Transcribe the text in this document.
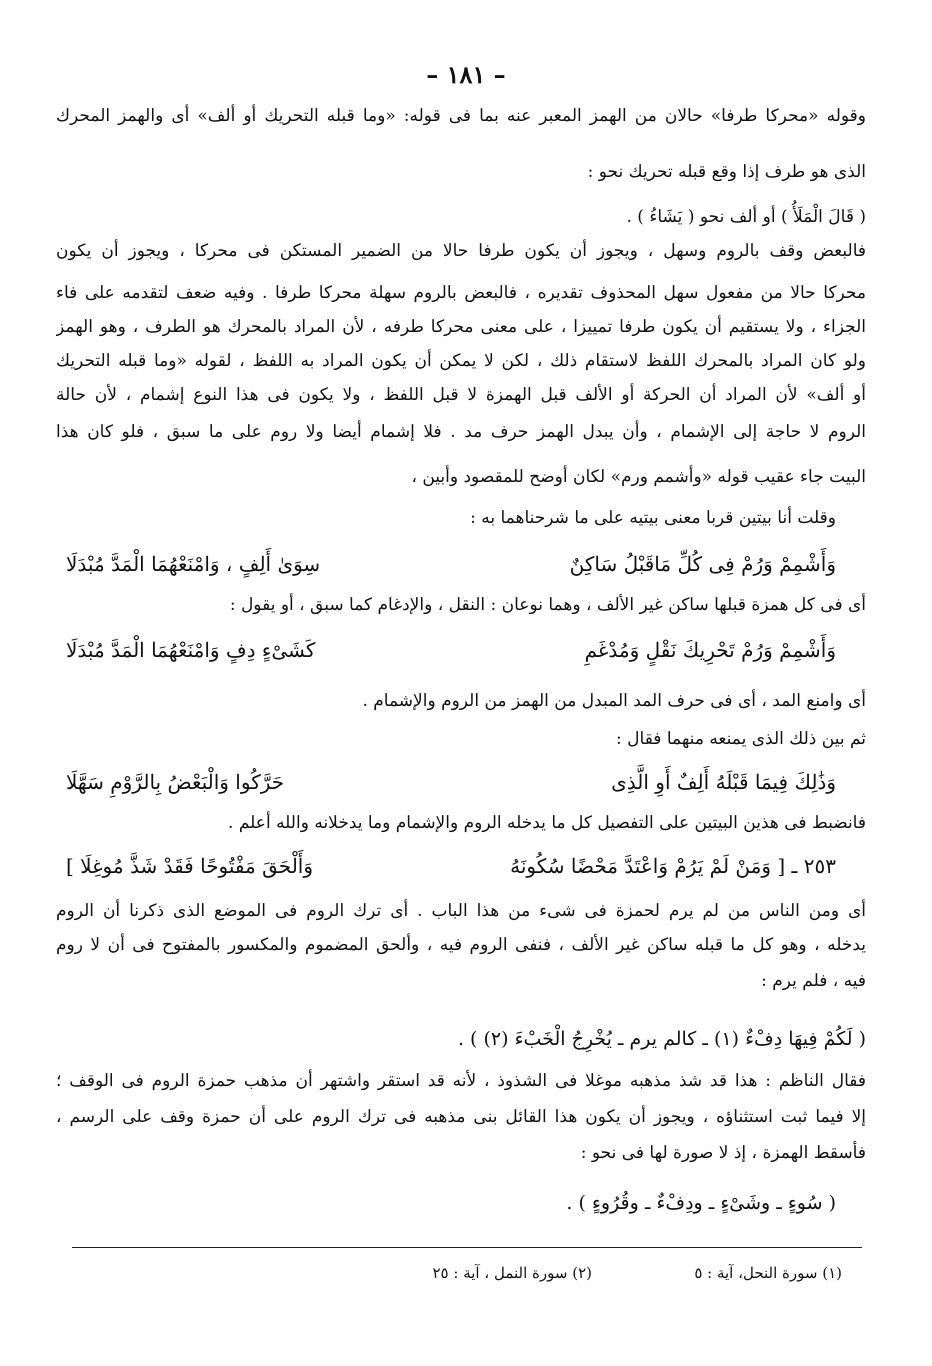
– ١٨١ –
وقوله «محركا طرفا» حالان من الهمز المعبر عنه بما فى قوله: «وما قبله التحريك أو ألف» أى والهمز المحرك
الذى هو طرف إذا وقع قبله تحريك نحو :
( قَالَ الْمَلَأُ ) أو ألف نحو ( يَشَاءُ ) .
فالبعض وقف بالروم وسهل ، ويجوز أن يكون طرفا حالا من الضمير المستكن فى محركا ، ويجوز أن يكون
محركا حالا من مفعول سهل المحذوف تقديره ، فالبعض بالروم سهلة محركا طرفا . وفيه ضعف لتقدمه على فاء
الجزاء ، ولا يستقيم أن يكون طرفا تمييزا ، على معنى محركا طرفه ، لأن المراد بالمحرك هو الطرف ، وهو الهمز
ولو كان المراد بالمحرك اللفظ لاستقام ذلك ، لكن لا يمكن أن يكون المراد به اللفظ ، لقوله «وما قبله التحريك
أو ألف» لأن المراد أن الحركة أو الألف قبل الهمزة لا قبل اللفظ ، ولا يكون فى هذا النوع إشمام ، لأن حالة
الروم لا حاجة إلى الإشمام ، وأن يبدل الهمز حرف مد . فلا إشمام أيضا ولا روم على ما سبق ، فلو كان هذا
البيت جاء عقيب قوله «وأشمم ورم» لكان أوضح للمقصود وأبين ،
وقلت أنا بيتين قربا معنى بيتيه على ما شرحناهما به :
وَأَشْمِمْ وَرُمْ فِى كُلِّ مَاقَبْلُ سَاكِنٌ
سِوَىٰ أَلِفٍ ، وَامْنَعْهُمَا الْمَدَّ مُبْدَلَا
أى فى كل همزة قبلها ساكن غير الألف ، وهما نوعان : النقل ، والإدغام كما سبق ، أو يقول :
وَأَشْمِمْ وَرُمْ تَحْرِيكَ نَقْلٍ وَمُدْغَمِ
كَشَىْءٍ دِفٍ وَامْنَعْهُمَا الْمَدَّ مُبْدَلَا
أى وامنع المد ، أى فى حرف المد المبدل من الهمز من الروم والإشمام .
ثم بين ذلك الذى يمنعه منهما فقال :
وَذَٰلِكَ فِيمَا قَبْلَهُ أَلِفٌ أَوِ الَّذِى
حَرَّكُوا وَالْبَعْضُ بِالرَّوْمِ سَهَّلَا
فانضبط فى هذين البيتين على التفصيل كل ما يدخله الروم والإشمام وما يدخلانه والله أعلم .
٢٥٣ ـ [ وَمَنْ لَمْ يَرُمْ وَاعْتَدَّ مَحْضًا سُكُونَهُ
وَأَلْحَقَ مَفْتُوحًا فَقَدْ شَذَّ مُوغِلَا ]
أى ومن الناس من لم يرم لحمزة فى شىء من هذا الباب . أى ترك الروم فى الموضع الذى ذكرنا أن الروم
يدخله ، وهو كل ما قبله ساكن غير الألف ، فنفى الروم فيه ، وألحق المضموم والمكسور بالمفتوح فى أن لا روم
فيه ، فلم يرم :
( لَكُمْ فِيهَا دِفْءٌ (١) ـ كالم يرم ـ يُخْرِجُ الْخَبْءَ (٢) ) .
فقال الناظم : هذا قد شذ مذهبه موغلا فى الشذوذ ، لأنه قد استقر واشتهر أن مذهب حمزة الروم فى الوقف ؛
إلا فيما ثبت استثناؤه ، ويجوز أن يكون هذا القائل بنى مذهبه فى ترك الروم على أن حمزة وقف على الرسم ،
فأسقط الهمزة ، إذ لا صورة لها فى نحو :
( سُوءٍ ـ وشَىْءٍ ـ ودِفْءٌ ـ وقُرُوءٍ ) .
(١) سورة النحل، آية : ٥
(٢) سورة النمل ، آية : ٢٥
